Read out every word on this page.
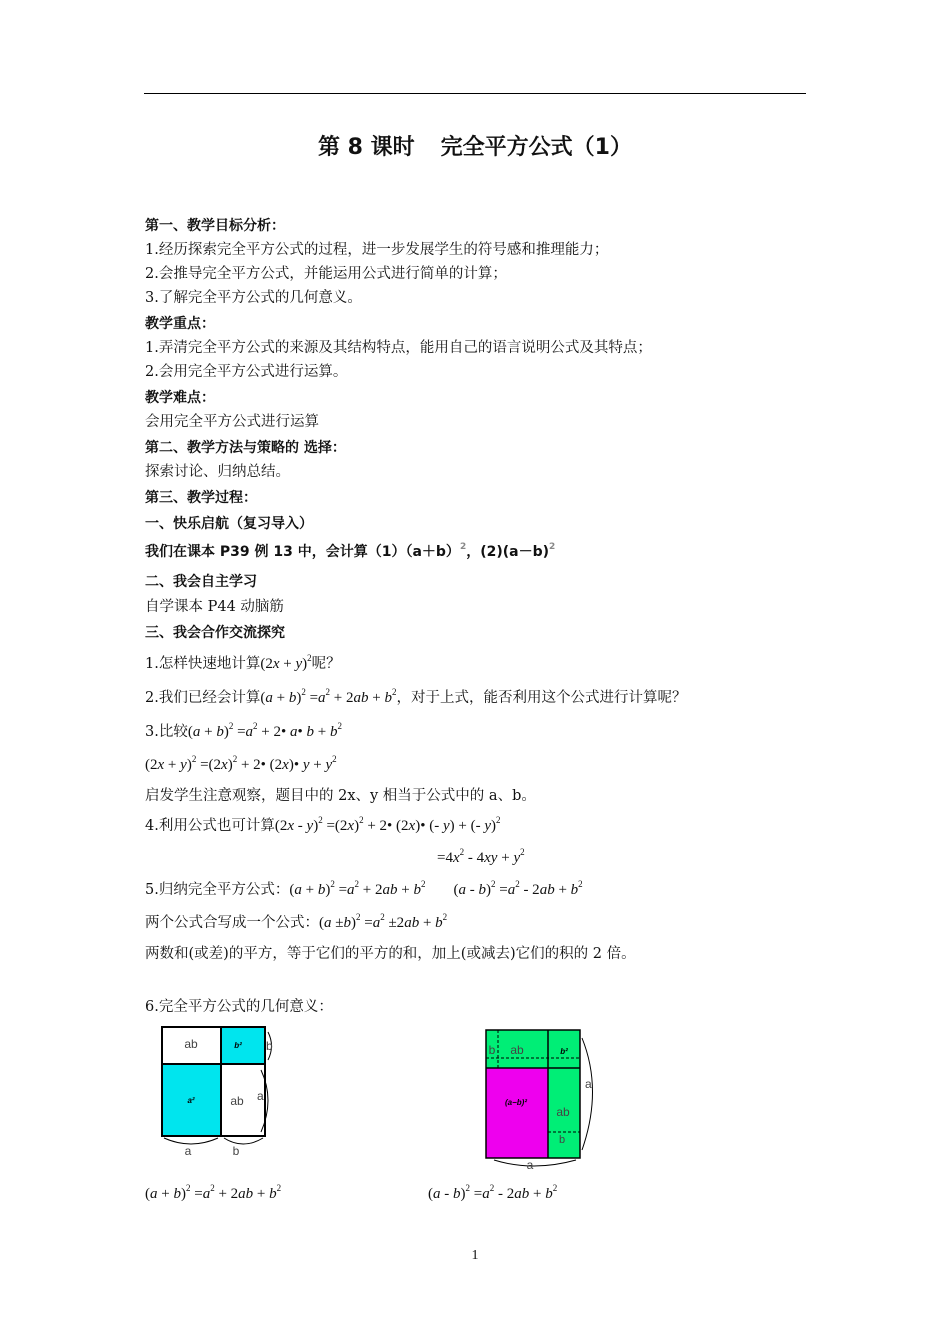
第 8 课时 完全平方公式（1）
第一、教学目标分析：
1.经历探索完全平方公式的过程，进一步发展学生的符号感和推理能力；
2.会推导完全平方公式，并能运用公式进行简单的计算；
3.了解完全平方公式的几何意义。
教学重点：
1.弄清完全平方公式的来源及其结构特点，能用自己的语言说明公式及其特点；
2.会用完全平方公式进行运算。
教学难点：
会用完全平方公式进行运算
第二、教学方法与策略的 选择：
探索讨论、归纳总结。
第三、教学过程：
一、快乐启航（复习导入）
我们在课本 P39 例 13 中，会计算$(1)(a+b)^2$，$(2)(a-b)^2$
二、我会自主学习
自学课本 P44 动脑筋
三、我会合作交流探究
1.怎样快速地计算$(2x + y)^2$呢？
2.我们已经会计算$(a + b)^2 =a^2 + 2ab + b^2$，对于上式，能否利用这个公式进行计算呢？
3.比较$(a + b)^2 =a^2$ + 2• a• $b + b^2$
$(2x + y)^2 =(2x)^2$ + 2• (2x)• $y + y^2$
启发学生注意观察，题目中的 2x、y 相当于公式中的 a、b。
4.利用公式也可计算$(2x - y)^2 =(2x)^2$ + 2• (2x)• (- y) + (- y)$^2$
$=4x^2 - 4xy + y^2$
5.归纳完全平方公式：$(a + b)^2 =a^2 + 2ab + b^2$ $(a - b)^2 =a^2 - 2ab + b^2$
两个公式合写成一个公式：$(a \pm b)^2 =a^2 \pm 2ab + b^2$
两数和(或差)的平方，等于它们的平方的和，加上(或减去)它们的积的 2 倍。
6.完全平方公式的几何意义：
ab	b²
a²	ab
b
a
a	b
b ab	b²
(a−b)²
ab
b
a
a
$(a + b)^2 =a^2 + 2ab + b^2$	$(a - b)^2 =a^2 - 2ab + b^2$
1
